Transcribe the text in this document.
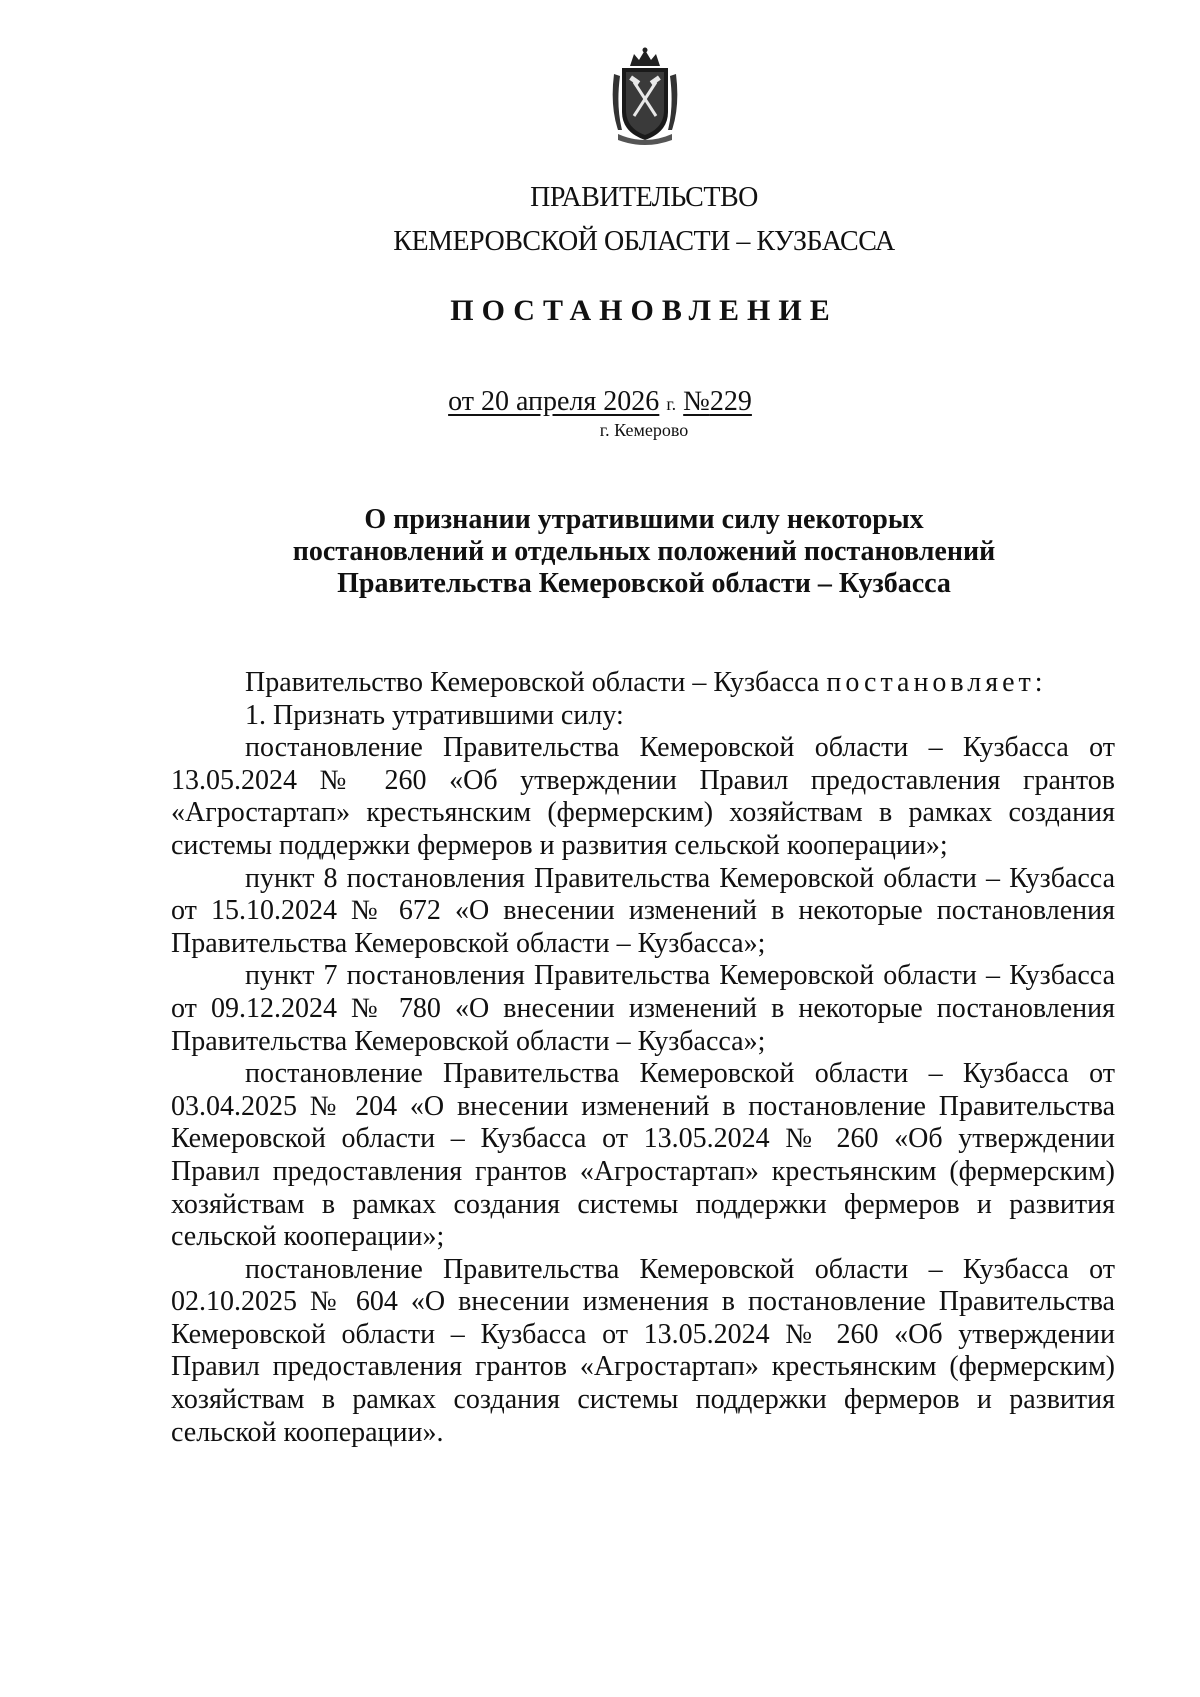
ПРАВИТЕЛЬСТВО
КЕМЕРОВСКОЙ ОБЛАСТИ – КУЗБАССА
ПОСТАНОВЛЕНИЕ
от 20 апреля 2026 г. №229
г. Кемерово
О признании утратившими силу некоторых
постановлений и отдельных положений постановлений
Правительства Кемеровской области – Кузбасса

Правительство Кемеровской области – Кузбасса постановляет:

1. Признать утратившими силу:

постановление Правительства Кемеровской области – Кузбасса от 13.05.2024 № 260 «Об утверждении Правил предоставления грантов «Агростартап» крестьянским (фермерским) хозяйствам в рамках создания системы поддержки фермеров и развития сельской кооперации»;

пункт 8 постановления Правительства Кемеровской области – Кузбасса от 15.10.2024 № 672 «О внесении изменений в некоторые постановления Правительства Кемеровской области – Кузбасса»;

пункт 7 постановления Правительства Кемеровской области – Кузбасса от 09.12.2024 № 780 «О внесении изменений в некоторые постановления Правительства Кемеровской области – Кузбасса»;

постановление Правительства Кемеровской области – Кузбасса от 03.04.2025 № 204 «О внесении изменений в постановление Правительства Кемеровской области – Кузбасса от 13.05.2024 № 260 «Об утверждении Правил предоставления грантов «Агростартап» крестьянским (фермерским) хозяйствам в рамках создания системы поддержки фермеров и развития сельской кооперации»;

постановление Правительства Кемеровской области – Кузбасса от 02.10.2025 № 604 «О внесении изменения в постановление Правительства Кемеровской области – Кузбасса от 13.05.2024 № 260 «Об утверждении Правил предоставления грантов «Агростартап» крестьянским (фермерским) хозяйствам в рамках создания системы поддержки фермеров и развития сельской кооперации».
